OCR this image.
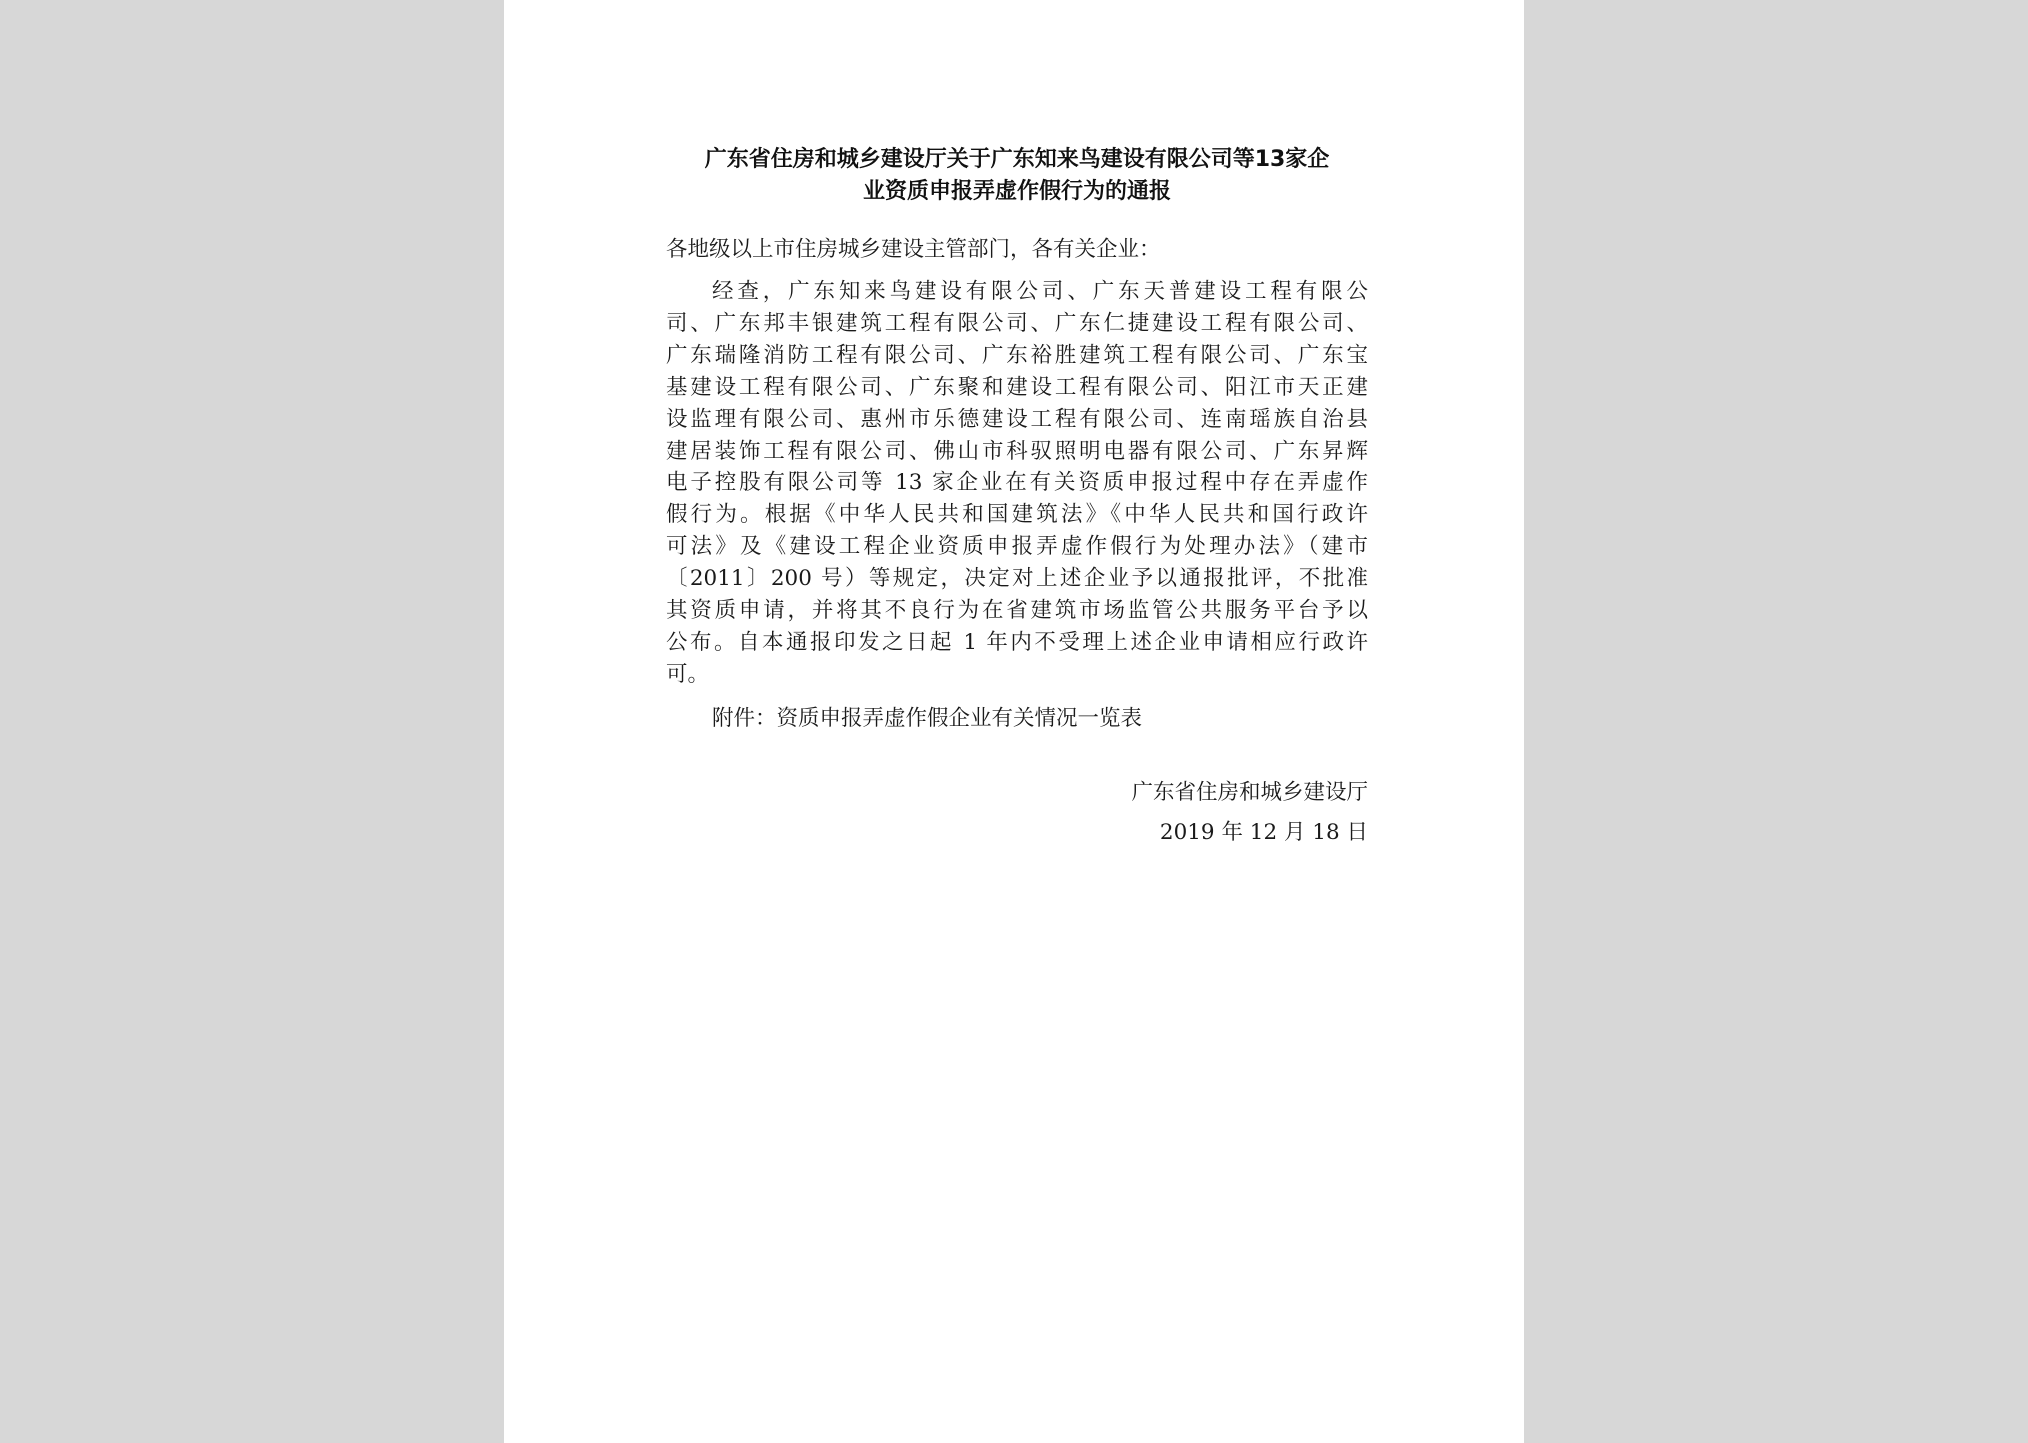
广东省住房和城乡建设厅关于广东知来鸟建设有限公司等13家企
业资质申报弄虚作假行为的通报

各地级以上市住房城乡建设主管部门，各有关企业：

经查，广东知来鸟建设有限公司、广东天普建设工程有限公
司、广东邦丰银建筑工程有限公司、广东仁捷建设工程有限公司、
广东瑞隆消防工程有限公司、广东裕胜建筑工程有限公司、广东宝
基建设工程有限公司、广东聚和建设工程有限公司、阳江市天正建
设监理有限公司、惠州市乐德建设工程有限公司、连南瑶族自治县
建居装饰工程有限公司、佛山市科驭照明电器有限公司、广东昇辉
电子控股有限公司等 13 家企业在有关资质申报过程中存在弄虚作
假行为。根据《中华人民共和国建筑法》《中华人民共和国行政许
可法》及《建设工程企业资质申报弄虚作假行为处理办法》（建市
〔2011〕200 号）等规定，决定对上述企业予以通报批评，不批准
其资质申请，并将其不良行为在省建筑市场监管公共服务平台予以
公布。自本通报印发之日起 1 年内不受理上述企业申请相应行政许
可。

附件：资质申报弄虚作假企业有关情况一览表

广东省住房和城乡建设厅
2019 年 12 月 18 日
